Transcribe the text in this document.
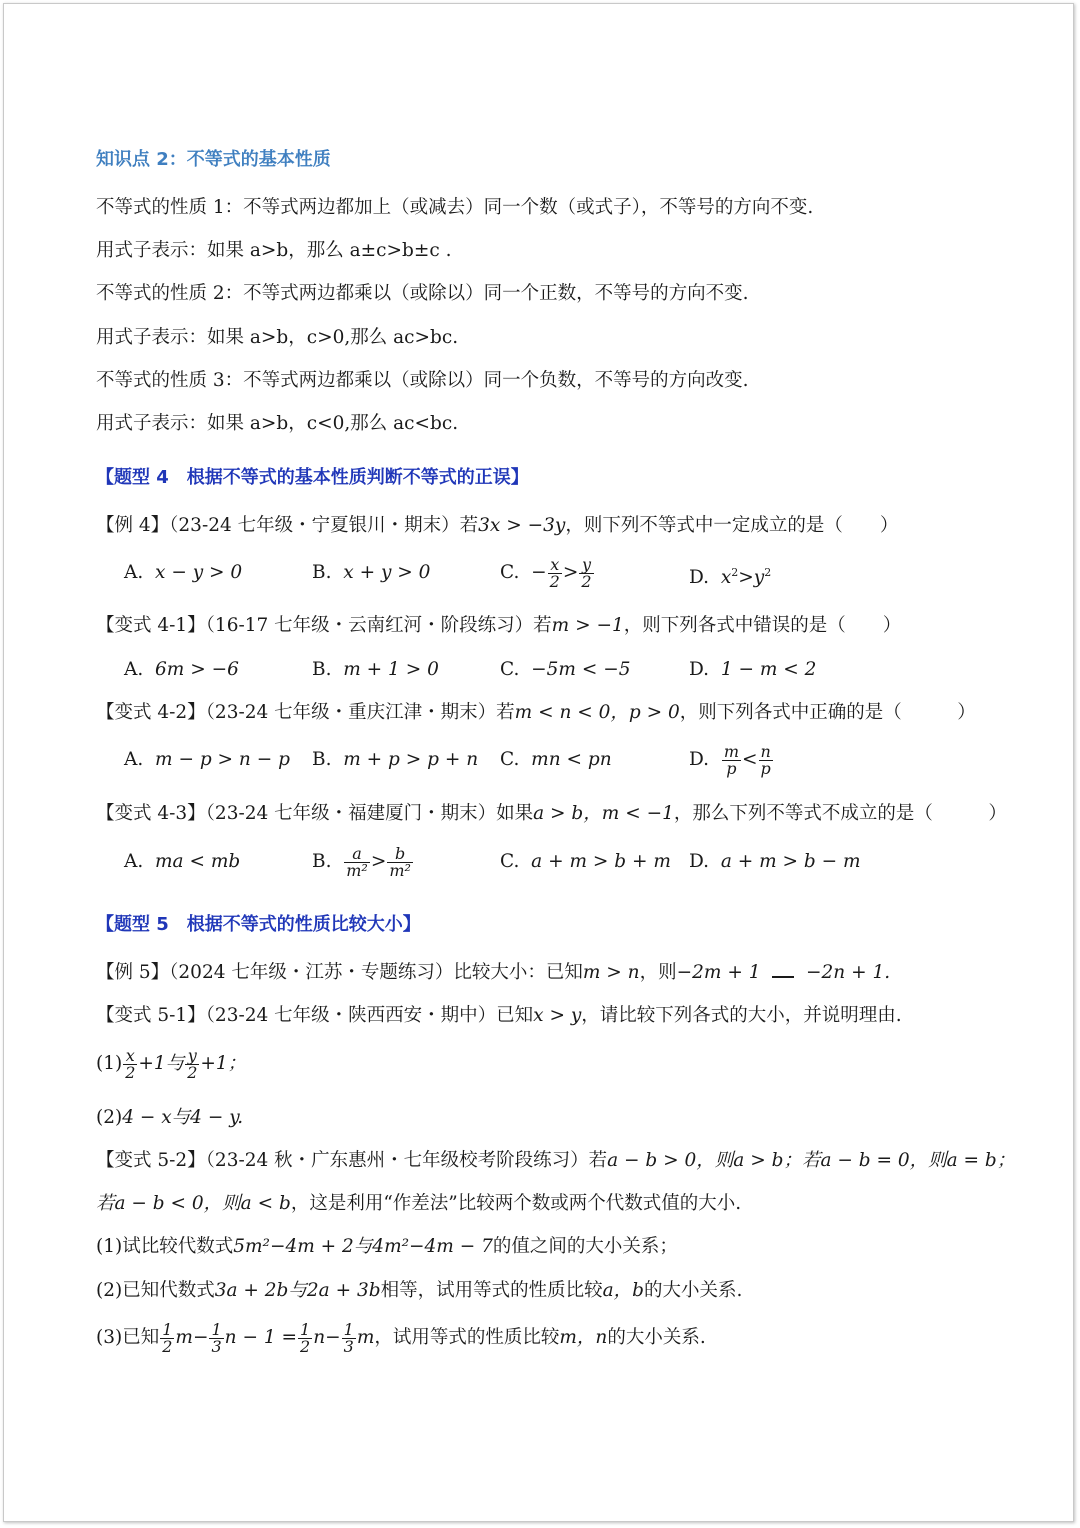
知识点 2：不等式的基本性质
不等式的性质 1：不等式两边都加上（或减去）同一个数（或式子），不等号的方向不变.
用式子表示：如果 a>b，那么 a±c>b±c .
不等式的性质 2：不等式两边都乘以（或除以）同一个正数，不等号的方向不变.
用式子表示：如果 a>b，c>0,那么 ac>bc.
不等式的性质 3：不等式两边都乘以（或除以）同一个负数，不等号的方向改变.
用式子表示：如果 a>b，c<0,那么 ac<bc.
【题型 4　根据不等式的基本性质判断不等式的正误】
【例 4】（23-24 七年级・宁夏银川・期末）若3x > −3y，则下列不等式中一定成立的是（　　）
A. x − y > 0	B. x + y > 0	C. − $\frac{x}{2} > \frac{y}{2}$	D. $x^2>y^2$
【变式 4-1】（16-17 七年级・云南红河・阶段练习）若m > −1，则下列各式中错误的是（　　）
A. 6m > −6	B. m + 1 > 0	C. −5m < −5	D. 1 − m < 2
【变式 4-2】（23-24 七年级・重庆江津・期末）若m < n < 0，p > 0，则下列各式中正确的是（　　　）
A. m − p > n − p B. m + p > p + n C. mn < pn	D. $\frac{m}{p} < \frac{n}{p}$
【变式 4-3】（23-24 七年级・福建厦门・期末）如果a > b，m < −1，那么下列不等式不成立的是（　　　）
A. ma < mb	B. $\frac{a}{\text{m²}} > \frac{b}{\text{m²}}$	C. a + m > b + m D. a + m > b − m
【题型 5　根据不等式的性质比较大小】
【例 5】（2024 七年级・江苏・专题练习）比较大小：已知m > n，则−2m + 1 −2n + 1.
【变式 5-1】（23-24 七年级・陕西西安・期中）已知x > y，请比较下列各式的大小，并说明理由.
$(1) \frac{x}{2} +1$与 $\frac{y}{2} +1$；
(2)4 − x与4 − y.
【变式 5-2】（23-24 秋・广东惠州・七年级校考阶段练习）若a − b > 0，则a > b；若a − b = 0，则a = b；
若a − b < 0，则a < b，这是利用“作差法”比较两个数或两个代数式值的大小.
(1)试比较代数式5m²−4m + 2与4m²−4m − 7的值之间的大小关系；
(2)已知代数式3a + 2b与2a + 3b相等，试用等式的性质比较a，b的大小关系.
(3)已知 $\frac{1}{2} m- \frac{1}{3}$ $n - 1 = \frac{1}{2} n- \frac{1}{3}$ m，试用等式的性质比较m，n的大小关系.
